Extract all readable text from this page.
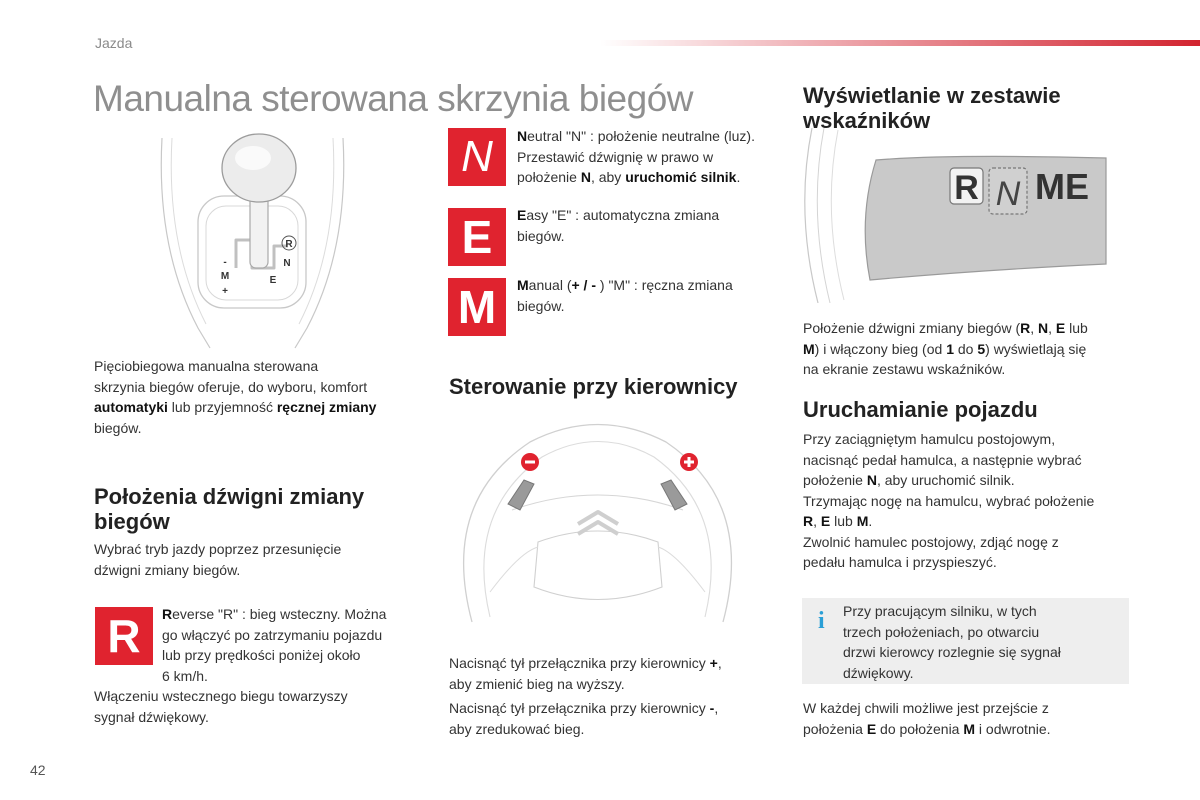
Jazda
Manualna sterowana skrzynia biegów
R
N
M	E
-
+
Pięciobiegowa manualna sterowana
skrzynia biegów oferuje, do wyboru, komfort
automatyki lub przyjemność ręcznej zmiany
biegów.
Położenia dźwigni zmiany
biegów
Wybrać tryb jazdy poprzez przesunięcie
dźwigni zmiany biegów.
R	Reverse "R" : bieg wsteczny. Można
go włączyć po zatrzymaniu pojazdu
lub przy prędkości poniżej około
6 km/h.
Włączeniu wstecznego biegu towarzyszy
sygnał dźwiękowy.
N	Neutral "N" : położenie neutralne (luz).
Przestawić dźwignię w prawo w
położenie N, aby uruchomić silnik.
E	Easy "E" : automatyczna zmiana
biegów.
M	Manual (+ / - ) "M" : ręczna zmiana
biegów.
Sterowanie przy kierownicy
Nacisnąć tył przełącznika przy kierownicy +,
aby zmienić bieg na wyższy.
Nacisnąć tył przełącznika przy kierownicy -,
aby zredukować bieg.
Wyświetlanie w zestawie
wskaźników
R N ME
Położenie dźwigni zmiany biegów (R, N, E lub
M) i włączony bieg (od 1 do 5) wyświetlają się
na ekranie zestawu wskaźników.
Uruchamianie pojazdu
Przy zaciągniętym hamulcu postojowym,
nacisnąć pedał hamulca, a następnie wybrać
położenie N, aby uruchomić silnik.
Trzymając nogę na hamulcu, wybrać położenie
R, E lub M.
Zwolnić hamulec postojowy, zdjąć nogę z
pedału hamulca i przyspieszyć.
i Przy pracującym silniku, w tych
trzech położeniach, po otwarciu
drzwi kierowcy rozlegnie się sygnał
dźwiękowy.
W każdej chwili możliwe jest przejście z
położenia E do położenia M i odwrotnie.
42
